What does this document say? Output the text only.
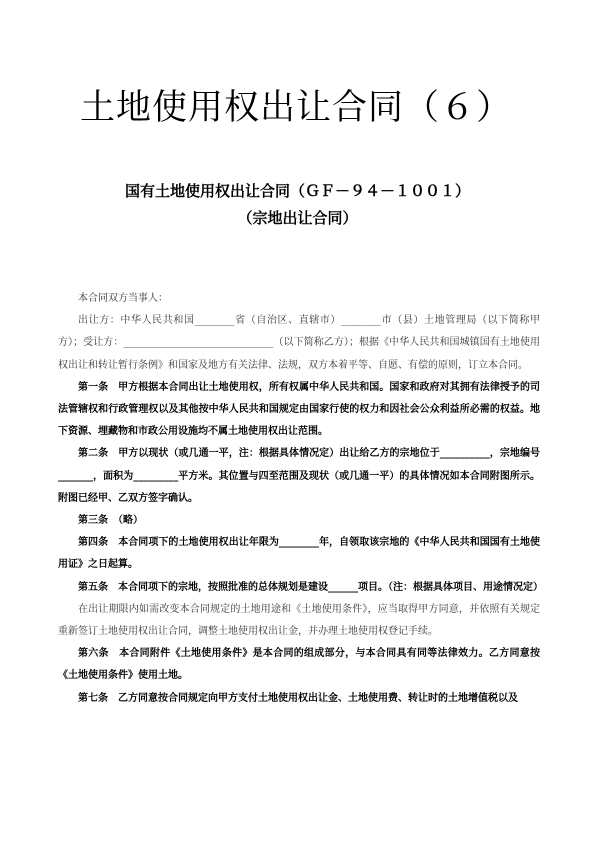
土地使用权出让合同（６）
国有土地使用权出让合同（ＧＦ－９４－１００１）
（宗地出让合同）

本合同双方当事人：

出让方：中华人民共和国________省（自治区、直辖市）________市（县）土地管理局（以下简称甲方）；受让方：______________________________（以下简称乙方）；根据《中华人民共和国城镇国有土地使用权出让和转让暂行条例》和国家及地方有关法律、法规，双方本着平等、自愿、有偿的原则，订立本合同。

第一条　甲方根据本合同出让土地使用权，所有权属中华人民共和国。国家和政府对其拥有法律授予的司法管辖权和行政管理权以及其他按中华人民共和国规定由国家行使的权力和因社会公众利益所必需的权益。地下资源、埋藏物和市政公用设施均不属土地使用权出让范围。

第二条　甲方以现状（或几通一平，注：根据具体情况定）出让给乙方的宗地位于__________，宗地编号_______，面积为_________平方米。其位置与四至范围及现状（或几通一平）的具体情况如本合同附图所示。附图已经甲、乙双方签字确认。

第三条　（略）

第四条　本合同项下的土地使用权出让年限为________年，自领取该宗地的《中华人民共和国国有土地使用证》之日起算。

第五条　本合同项下的宗地，按照批准的总体规划是建设______项目。（注：根据具体项目、用途情况定）

在出让期限内如需改变本合同规定的土地用途和《土地使用条件》，应当取得甲方同意，并依照有关规定重新签订土地使用权出让合同，调整土地使用权出让金，并办理土地使用权登记手续。

第六条　本合同附件《土地使用条件》是本合同的组成部分，与本合同具有同等法律效力。乙方同意按《土地使用条件》使用土地。

第七条　乙方同意按合同规定向甲方支付土地使用权出让金、土地使用费、转让时的土地增值税以及
